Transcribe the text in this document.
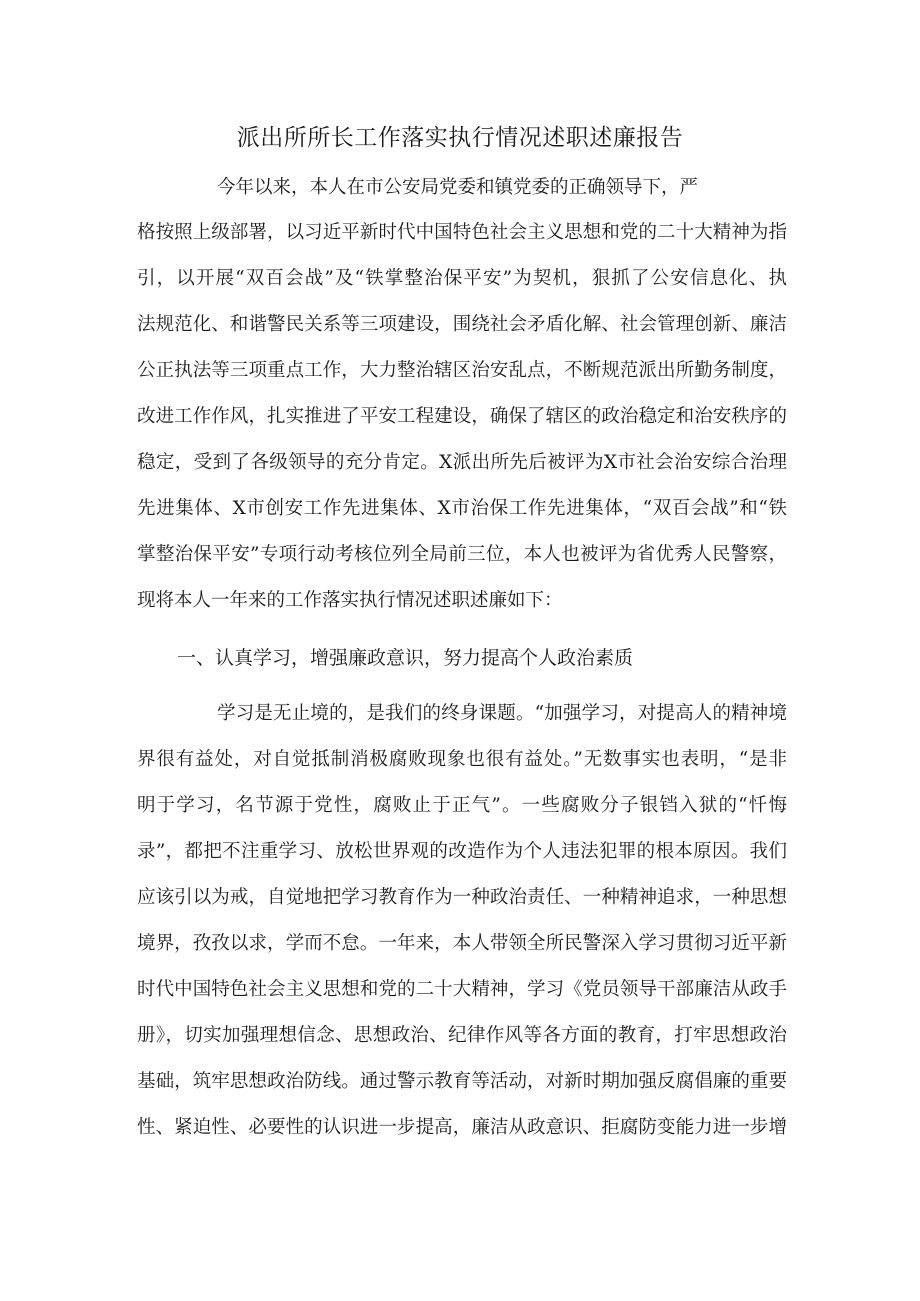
派出所所长工作落实执行情况述职述廉报告
今年以来，本人在市公安局党委和镇党委的正确领导下，严
格按照上级部署，以习近平新时代中国特色社会主义思想和党的二十大精神为指
引，以开展“双百会战”及“铁掌整治保平安”为契机，狠抓了公安信息化、执
法规范化、和谐警民关系等三项建设，围绕社会矛盾化解、社会管理创新、廉洁
公正执法等三项重点工作，大力整治辖区治安乱点，不断规范派出所勤务制度，
改进工作作风，扎实推进了平安工程建设，确保了辖区的政治稳定和治安秩序的
稳定，受到了各级领导的充分肯定。X派出所先后被评为X市社会治安综合治理
先进集体、X市创安工作先进集体、X市治保工作先进集体，“双百会战”和“铁
掌整治保平安”专项行动考核位列全局前三位，本人也被评为省优秀人民警察，
现将本人一年来的工作落实执行情况述职述廉如下：
一、认真学习，增强廉政意识，努力提高个人政治素质
学习是无止境的，是我们的终身课题。“加强学习，对提高人的精神境
界很有益处，对自觉抵制消极腐败现象也很有益处。”无数事实也表明，“是非
明于学习，名节源于党性，腐败止于正气”。一些腐败分子银铛入狱的“忏悔
录”，都把不注重学习、放松世界观的改造作为个人违法犯罪的根本原因。我们
应该引以为戒，自觉地把学习教育作为一种政治责任、一种精神追求，一种思想
境界，孜孜以求，学而不怠。一年来，本人带领全所民警深入学习贯彻习近平新
时代中国特色社会主义思想和党的二十大精神，学习《党员领导干部廉洁从政手
册》，切实加强理想信念、思想政治、纪律作风等各方面的教育，打牢思想政治
基础，筑牢思想政治防线。通过警示教育等活动，对新时期加强反腐倡廉的重要
性、紧迫性、必要性的认识进一步提高，廉洁从政意识、拒腐防变能力进一步增
